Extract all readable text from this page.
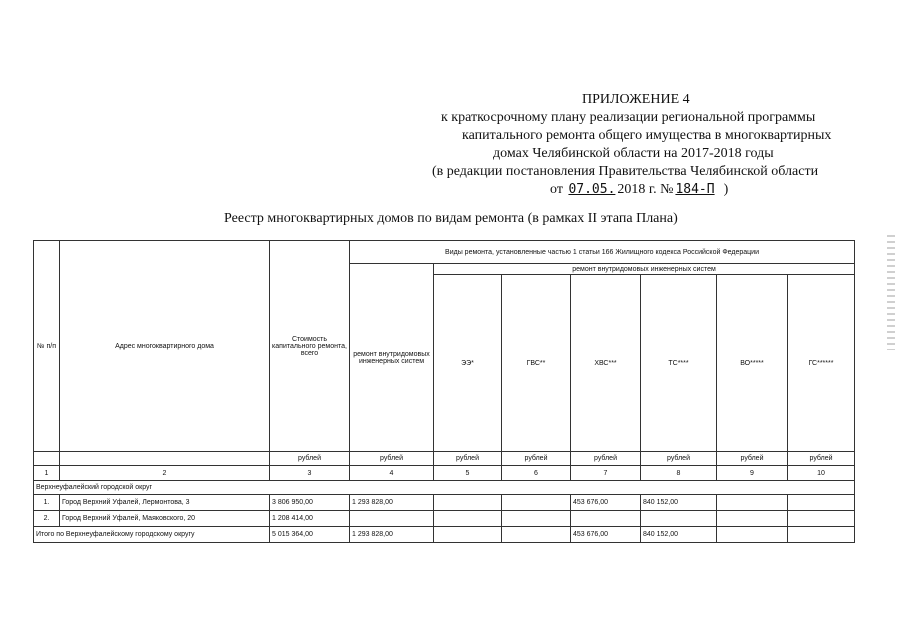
ПРИЛОЖЕНИЕ 4
к краткосрочному плану реализации региональной программы
капитального ремонта общего имущества в многоквартирных
домах Челябинской области на 2017-2018 годы
(в редакции постановления Правительства Челябинской области
от 07.05. 2018 г. № 184-П )
Реестр многоквартирных домов по видам ремонта (в рамках II этапа Плана)
№ п/п	Адрес многоквартирного дома	Стоимость капитального ремонта, всего	Виды ремонта, установленные частью 1 статьи 166 Жилищного кодекса Российской Федерации						
			ремонт внутридомовых инженерных систем	ремонт внутридомовых инженерных систем					
				ЭЭ*	ГВС**	ХВС***	ТС****	ВО*****	ГС******
		рублей	рублей	рублей	рублей	рублей	рублей	рублей	рублей
1	2	3	4	5	6	7	8	9	10
Верхнеуфалейский городской округ									
1.	Город Верхний Уфалей, Лермонтова, 3	3 806 950,00	1 293 828,00			453 676,00	840 152,00		
2.	Город Верхний Уфалей, Маяковского, 20	1 208 414,00							
Итого по Верхнеуфалейскому городскому округу		5 015 364,00	1 293 828,00			453 676,00	840 152,00		
